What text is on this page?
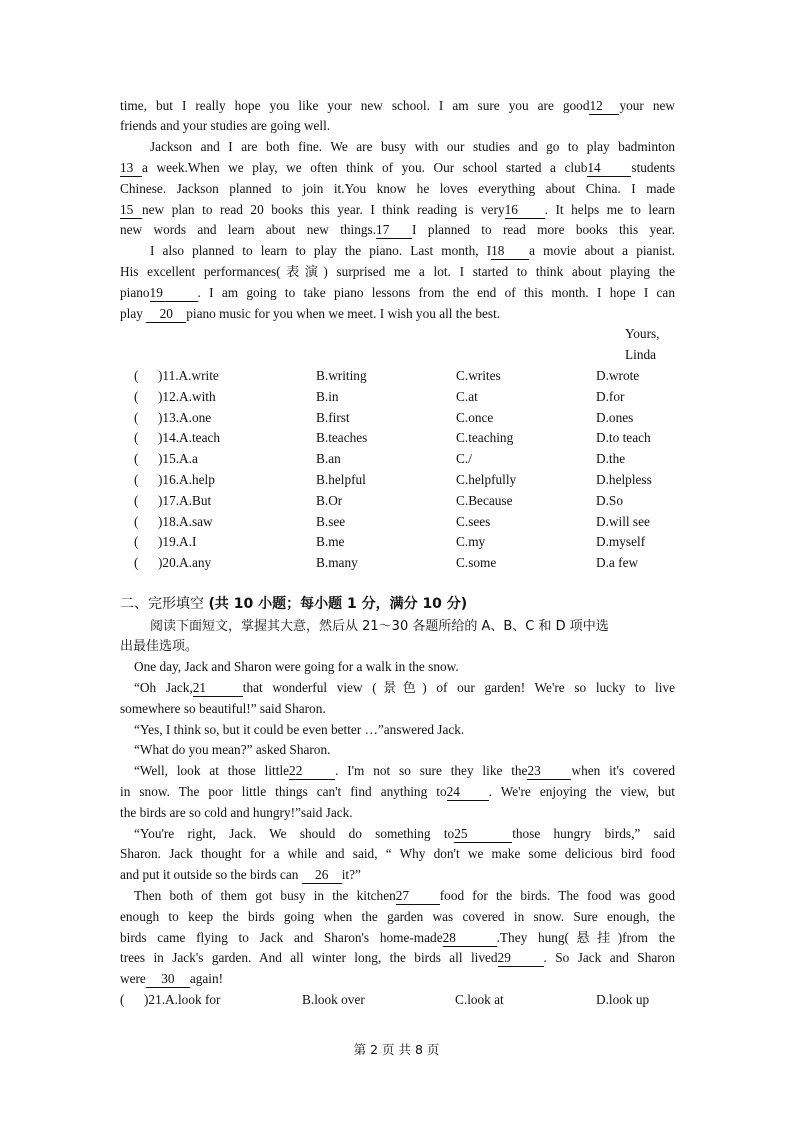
time, but I really hope you like your new school. I am sure you are good12 your new
friends and your studies are going well.
Jackson and I are both fine. We are busy with our studies and go to play badminton
13 a week.When we play, we often think of you. Our school started a club14 students
Chinese. Jackson planned to join it.You know he loves everything about China. I made
15 new plan to read 20 books this year. I think reading is very16 . It helps me to learn
new words and learn about new things.17 I planned to read more books this year.
I also planned to learn to play the piano. Last month, I18 a movie about a pianist.
His excellent performances(表演) surprised me a lot. I started to think about playing the
piano19	. I am going to take piano lessons from the end of this month. I hope I can
play 20 piano music for you when we meet. I wish you all the best.
Yours,
Linda
( )11.A.write	B.writing	C.writes	D.wrote
( )12.A.with	B.in	C.at	D.for
( )13.A.one	B.first	C.once	D.ones
( )14.A.teach	B.teaches	C.teaching	D.to teach
( )15.A.a	B.an	C./	D.the
( )16.A.help	B.helpful	C.helpfully	D.helpless
( )17.A.But	B.Or	C.Because	D.So
( )18.A.saw	B.see	C.sees	D.will see
( )19.A.I	B.me	C.my	D.myself
( )20.A.any	B.many	C.some	D.a few
二、完形填空 (共 10 小题；每小题 1 分，满分 10 分)
阅读下面短文，掌握其大意，然后从 21～30 各题所给的 A、B、C 和 D 项中选
出最佳选项。
One day, Jack and Sharon were going for a walk in the snow.
“Oh Jack,21	that wonderful view (景色) of our garden! We're so lucky to live
somewhere so beautiful!” said Sharon.
“Yes, I think so, but it could be even better …”answered Jack.
“What do you mean?” asked Sharon.
“Well, look at those little22 . I'm not so sure they like the23 when it's covered
in snow. The poor little things can't find anything to24 . We're enjoying the view, but
the birds are so cold and hungry!”said Jack.
“You're right, Jack. We should do something to25	those hungry birds,” said
Sharon. Jack thought for a while and said, “ Why don't we make some delicious bird food
and put it outside so the birds can 26 it?”
Then both of them got busy in the kitchen27 food for the birds. The food was good
enough to keep the birds going when the garden was covered in snow. Sure enough, the
birds came flying to Jack and Sharon's home-made28	.They hung(悬挂)from the
trees in Jack's garden. And all winter long, the birds all lived29 . So Jack and Sharon
were 30 again!
( )21.A.look for	B.look over	C.look at	D.look up
第 2 页 共 8 页
